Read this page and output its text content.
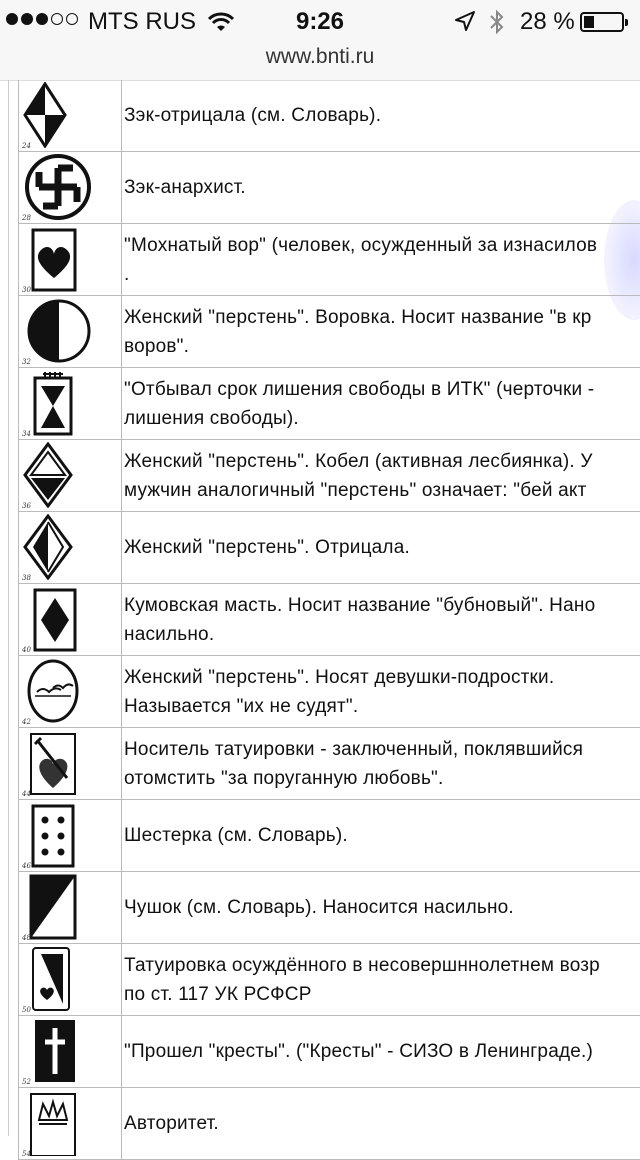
MTS RUS	9:26	28 %
www.bnti.ru
24
Зэк-отрицала (см. Словарь).
28
Зэк-анархист.
30
"Мохнатый вор" (человек, осужденный за изнасилов
.
32
Женский "перстень". Воровка. Носит название "в кр
воров".
34
"Отбывал срок лишения свободы в ИТК" (черточки -
лишения свободы).
36
Женский "перстень". Кобел (активная лесбиянка). У
мужчин аналогичный "перстень" означает: "бей акт
38
Женский "перстень". Отрицала.
40
Кумовская масть. Носит название "бубновый". Нано
насильно.
42
Женский "перстень". Носят девушки-подростки.
Называется "их не судят".
44
Носитель татуировки - заключенный, поклявшийся
отомстить "за поруганную любовь".
46
Шестерка (см. Словарь).
48
Чушок (см. Словарь). Наносится насильно.
50
Татуировка осуждённого в несовершннолетнем возр
по ст. 117 УК РСФСР
52
"Прошел "кресты". ("Кресты" - СИЗО в Ленинграде.)
54
Авторитет.
